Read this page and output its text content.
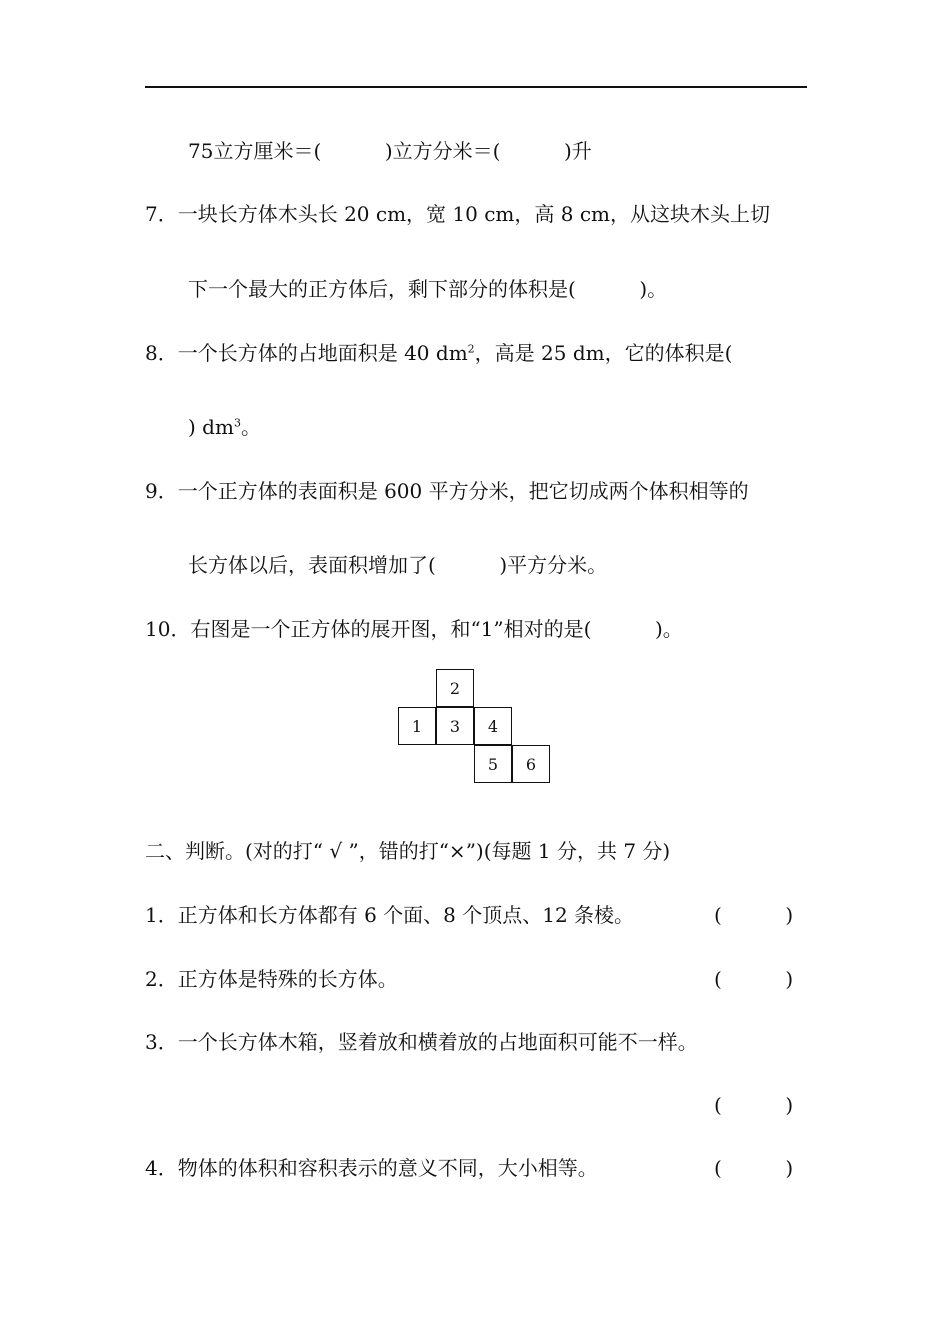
75立方厘米＝(          )立方分米＝(          )升
7．一块长方体木头长 20 cm，宽 10 cm，高 8 cm，从这块木头上切
下一个最大的正方体后，剩下部分的体积是(          )。
8．一个长方体的占地面积是 40 $dm^2$，高是 25 dm，它的体积是(
) $dm^3$。
9．一个正方体的表面积是 600 平方分米，把它切成两个体积相等的
长方体以后，表面积增加了(          )平方分米。
10．右图是一个正方体的展开图，和“1”相对的是(          )。
2
1	3	4
5	6
二、判断。(对的打“ √ ”，错的打“×”)(每题 1 分，共 7 分)
1．正方体和长方体都有 6 个面、8 个顶点、12 条棱。	(          )
2．正方体是特殊的长方体。	(          )
3．一个长方体木箱，竖着放和横着放的占地面积可能不一样。
(          )
4．物体的体积和容积表示的意义不同，大小相等。	(          )
